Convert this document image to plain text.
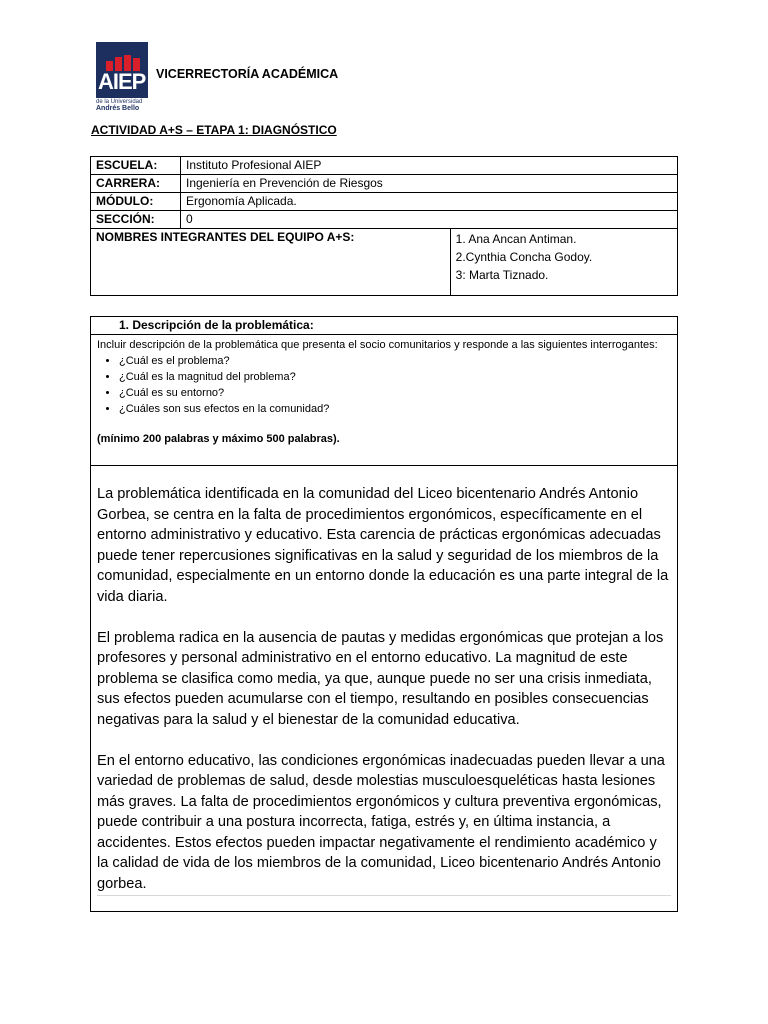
AIEP
de la Universidad
Andrés Bello
VICERRECTORÍA ACADÉMICA
ACTIVIDAD A+S – ETAPA 1: DIAGNÓSTICO
ESCUELA:	Instituto Profesional AIEP	
CARRERA:	Ingeniería en Prevención de Riesgos	
MÓDULO:	Ergonomía Aplicada.	
SECCIÓN:	0	
NOMBRES INTEGRANTES DEL EQUIPO A+S:		1. Ana Ancan Antiman.
2.Cynthia Concha Godoy.
3: Marta Tiznado.
1. Descripción de la problemática:
Incluir descripción de la problemática que presenta el socio comunitarios y responde a las siguientes interrogantes:
• ¿Cuál es el problema?
• ¿Cuál es la magnitud del problema?
• ¿Cuál es su entorno?
• ¿Cuáles son sus efectos en la comunidad?
(mínimo 200 palabras y máximo 500 palabras).

La problemática identificada en la comunidad del Liceo bicentenario Andrés Antonio Gorbea, se centra en la falta de procedimientos ergonómicos, específicamente en el entorno administrativo y educativo. Esta carencia de prácticas ergonómicas adecuadas puede tener repercusiones significativas en la salud y seguridad de los miembros de la comunidad, especialmente en un entorno donde la educación es una parte integral de la vida diaria.

El problema radica en la ausencia de pautas y medidas ergonómicas que protejan a los profesores y personal administrativo en el entorno educativo. La magnitud de este problema se clasifica como media, ya que, aunque puede no ser una crisis inmediata, sus efectos pueden acumularse con el tiempo, resultando en posibles consecuencias negativas para la salud y el bienestar de la comunidad educativa.

En el entorno educativo, las condiciones ergonómicas inadecuadas pueden llevar a una variedad de problemas de salud, desde molestias musculoesqueléticas hasta lesiones más graves. La falta de procedimientos ergonómicos y cultura preventiva ergonómicas, puede contribuir a una postura incorrecta, fatiga, estrés y, en última instancia, a accidentes. Estos efectos pueden impactar negativamente el rendimiento académico y la calidad de vida de los miembros de la comunidad, Liceo bicentenario Andrés Antonio gorbea.
